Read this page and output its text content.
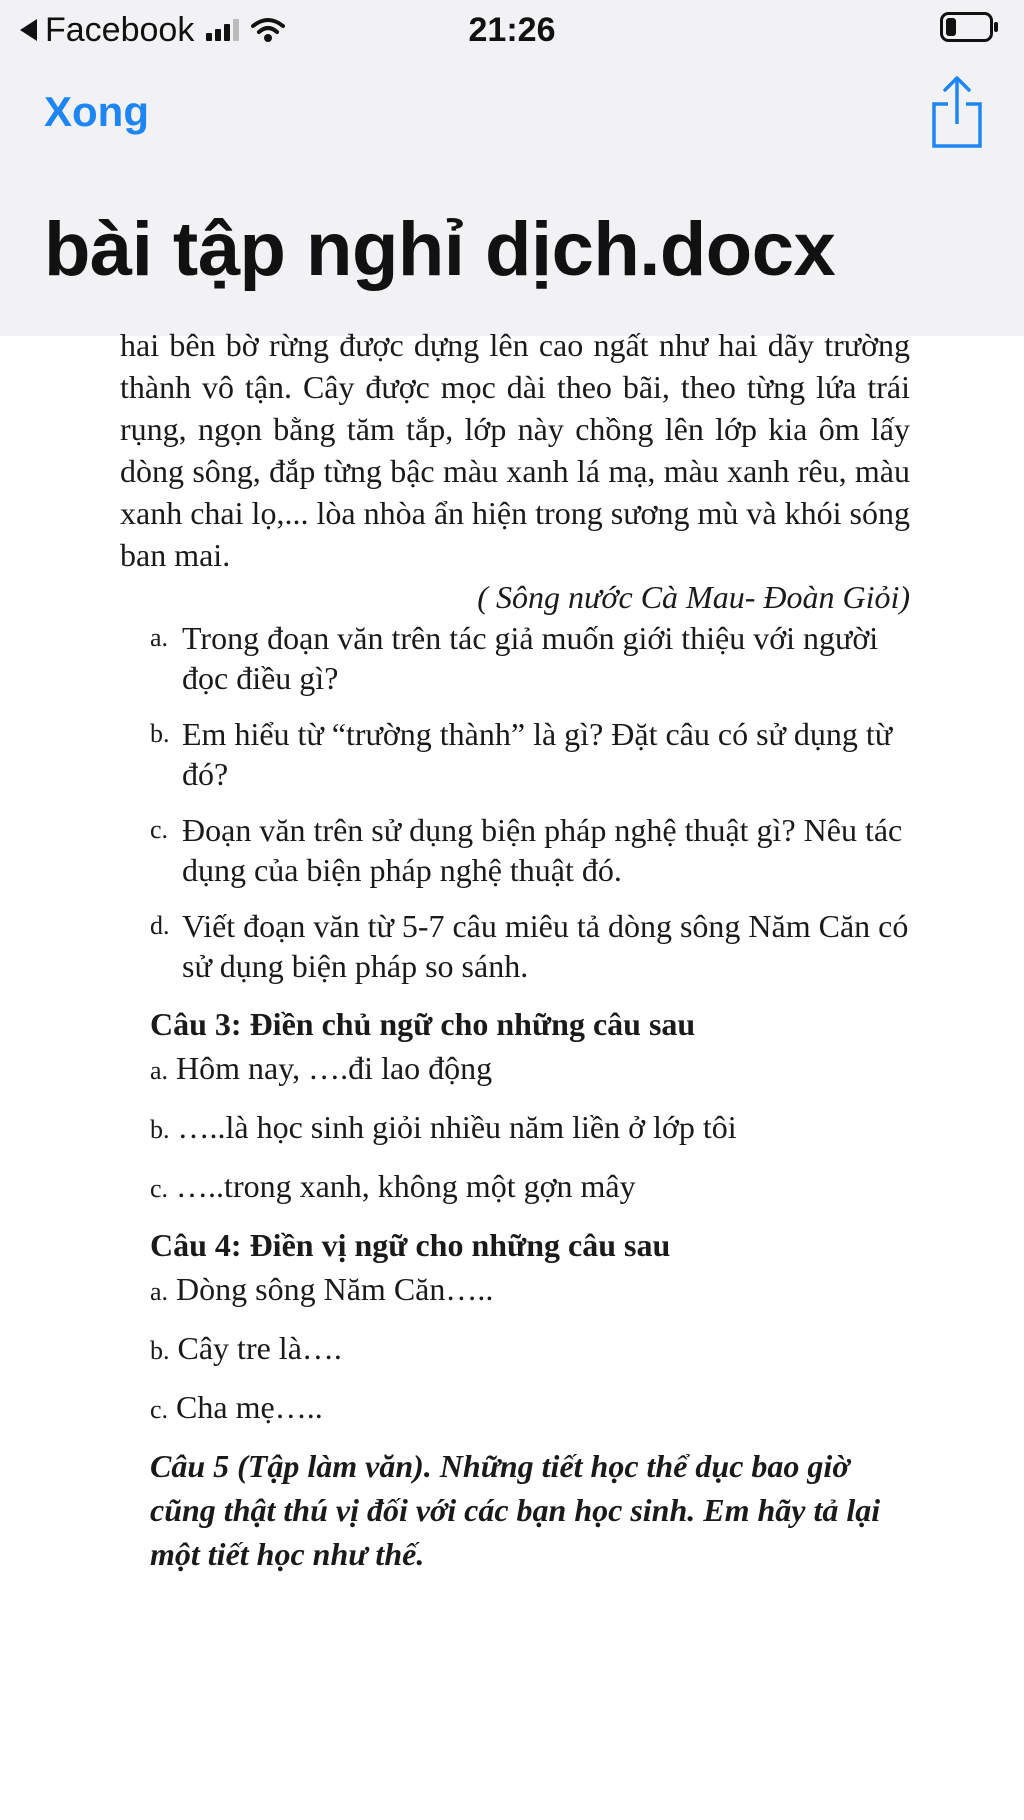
Facebook	21:26
Xong
bài tập nghỉ dịch.docx

hai bên bờ rừng được dựng lên cao ngất như hai dãy trường thành vô tận. Cây được mọc dài theo bãi, theo từng lứa trái rụng, ngọn bằng tăm tắp, lớp này chồng lên lớp kia ôm lấy dòng sông, đắp từng bậc màu xanh lá mạ, màu xanh rêu, màu xanh chai lọ,... lòa nhòa ẩn hiện trong sương mù và khói sóng ban mai.

( Sông nước Cà Mau- Đoàn Giỏi)

a. Trong đoạn văn trên tác giả muốn giới thiệu với người đọc điều gì?
b. Em hiểu từ “trường thành” là gì? Đặt câu có sử dụng từ đó?
c. Đoạn văn trên sử dụng biện pháp nghệ thuật gì? Nêu tác dụng của biện pháp nghệ thuật đó.
d. Viết đoạn văn từ 5-7 câu miêu tả dòng sông Năm Căn có sử dụng biện pháp so sánh.
Câu 3: Điền chủ ngữ cho những câu sau
a. Hôm nay, ….đi lao động
b. …..là học sinh giỏi nhiều năm liền ở lớp tôi
c. …..trong xanh, không một gợn mây
Câu 4: Điền vị ngữ cho những câu sau
a. Dòng sông Năm Căn…..
b. Cây tre là….
c. Cha mẹ…..
Câu 5 (Tập làm văn). Những tiết học thể dục bao giờ cũng thật thú vị đối với các bạn học sinh. Em hãy tả lại một tiết học như thế.
